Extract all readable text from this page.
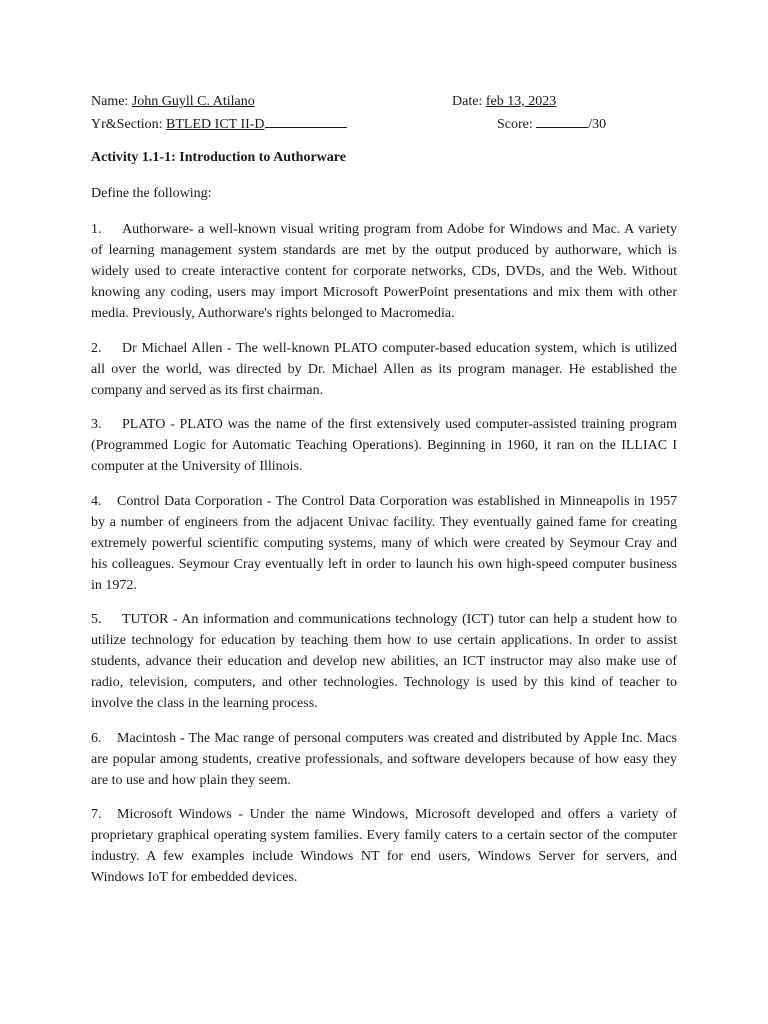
Name: John Guyll C. Atilano	Date: feb 13, 2023
Yr&Section: BTLED ICT II-D	Score:	/30
Activity 1.1-1: Introduction to Authorware
Define the following:
1. Authorware- a well-known visual writing program from Adobe for Windows and Mac. A variety of learning management system standards are met by the output produced by authorware, which is widely used to create interactive content for corporate networks, CDs, DVDs, and the Web. Without knowing any coding, users may import Microsoft PowerPoint presentations and mix them with other media. Previously, Authorware's rights belonged to Macromedia.
2. Dr Michael Allen - The well-known PLATO computer-based education system, which is utilized all over the world, was directed by Dr. Michael Allen as its program manager. He established the company and served as its first chairman.
3. PLATO - PLATO was the name of the first extensively used computer-assisted training program (Programmed Logic for Automatic Teaching Operations). Beginning in 1960, it ran on the ILLIAC I computer at the University of Illinois.
4. Control Data Corporation - The Control Data Corporation was established in Minneapolis in 1957 by a number of engineers from the adjacent Univac facility. They eventually gained fame for creating extremely powerful scientific computing systems, many of which were created by Seymour Cray and his colleagues. Seymour Cray eventually left in order to launch his own high-speed computer business in 1972.
5. TUTOR - An information and communications technology (ICT) tutor can help a student how to utilize technology for education by teaching them how to use certain applications. In order to assist students, advance their education and develop new abilities, an ICT instructor may also make use of radio, television, computers, and other technologies. Technology is used by this kind of teacher to involve the class in the learning process.
6. Macintosh - The Mac range of personal computers was created and distributed by Apple Inc. Macs are popular among students, creative professionals, and software developers because of how easy they are to use and how plain they seem.
7. Microsoft Windows - Under the name Windows, Microsoft developed and offers a variety of proprietary graphical operating system families. Every family caters to a certain sector of the computer industry. A few examples include Windows NT for end users, Windows Server for servers, and Windows IoT for embedded devices.
